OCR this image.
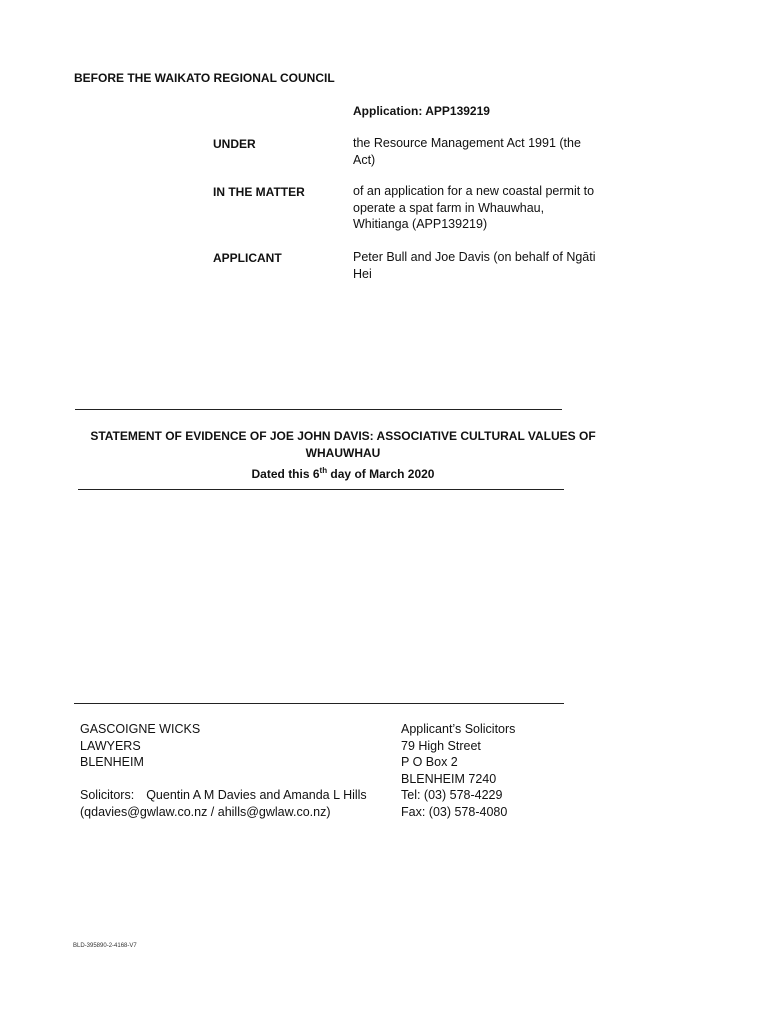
BEFORE THE WAIKATO REGIONAL COUNCIL
Application: APP139219
UNDER	the Resource Management Act 1991 (the
Act)
IN THE MATTER	of an application for a new coastal permit to
operate a spat farm in Whauwhau,
Whitianga (APP139219)
APPLICANT	Peter Bull and Joe Davis (on behalf of Ngāti
Hei
STATEMENT OF EVIDENCE OF JOE JOHN DAVIS: ASSOCIATIVE CULTURAL VALUES OF
WHAUWHAU
Dated this 6th day of March 2020
GASCOIGNE WICKS
LAWYERS
BLENHEIM
Solicitors: Quentin A M Davies and Amanda L Hills
(qdavies@gwlaw.co.nz / ahills@gwlaw.co.nz)
Applicant’s Solicitors
79 High Street
P O Box 2
BLENHEIM 7240
Tel: (03) 578-4229
Fax: (03) 578-4080
BLD-395890-2-4168-V7
